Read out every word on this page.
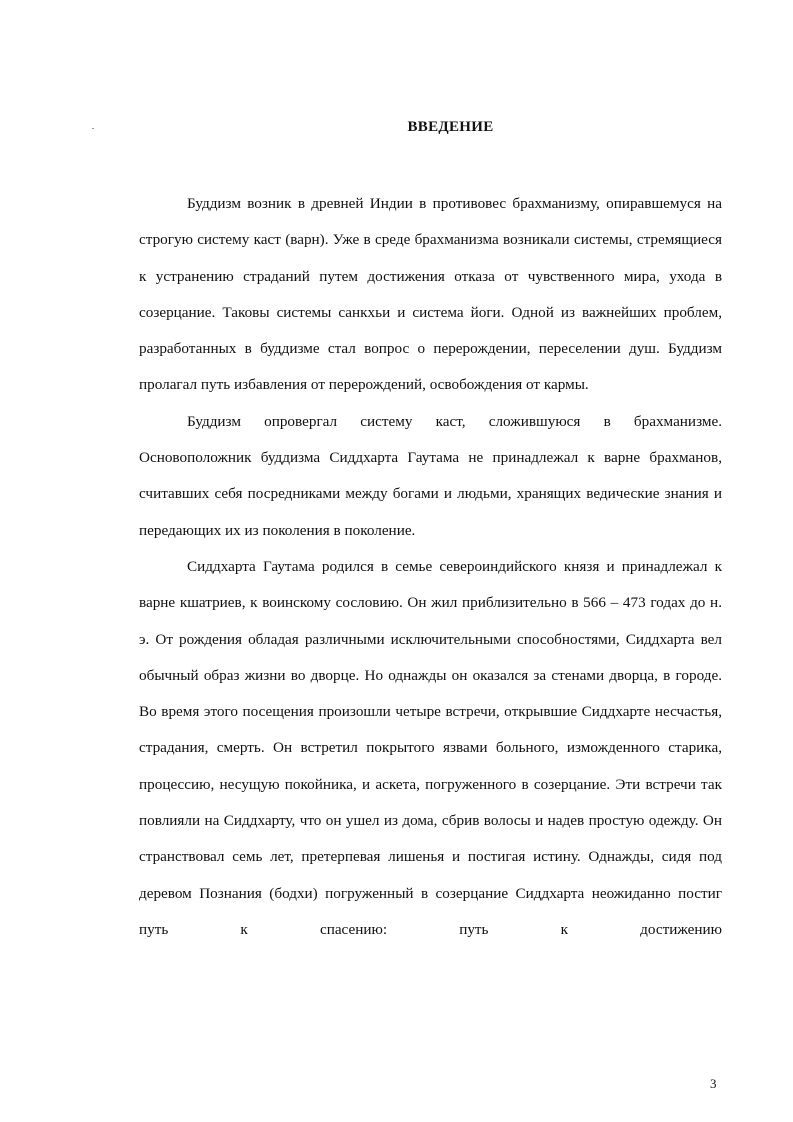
ВВЕДЕНИЕ

Буддизм возник в древней Индии в противовес брахманизму, опиравшемуся на строгую систему каст (варн). Уже в среде брахманизма возникали системы, стремящиеся к устранению страданий путем достижения отказа от чувственного мира, ухода в созерцание. Таковы системы санкхьи и система йоги. Одной из важнейших проблем, разработанных в буддизме стал вопрос о перерождении, переселении душ. Буддизм пролагал путь избавления от перерождений, освобождения от кармы.

Буддизм опровергал систему каст, сложившуюся в брахманизме. Основоположник буддизма Сиддхарта Гаутама не принадлежал к варне брахманов, считавших себя посредниками между богами и людьми, хранящих ведические знания и передающих их из поколения в поколение.

Сиддхарта Гаутама родился в семье североиндийского князя и принадлежал к варне кшатриев, к воинскому сословию. Он жил приблизительно в 566 – 473 годах до н. э. От рождения обладая различными исключительными способностями, Сиддхарта вел обычный образ жизни во дворце. Но однажды он оказался за стенами дворца, в городе. Во время этого посещения произошли четыре встречи, открывшие Сиддхарте несчастья, страдания, смерть. Он встретил покрытого язвами больного, изможденного старика, процессию, несущую покойника, и аскета, погруженного в созерцание. Эти встречи так повлияли на Сиддхарту, что он ушел из дома, сбрив волосы и надев простую одежду. Он странствовал семь лет, претерпевая лишенья и постигая истину. Однажды, сидя под деревом Познания (бодхи) погруженный в созерцание Сиддхарта неожиданно постиг путь к спасению: путь к достижению

3
